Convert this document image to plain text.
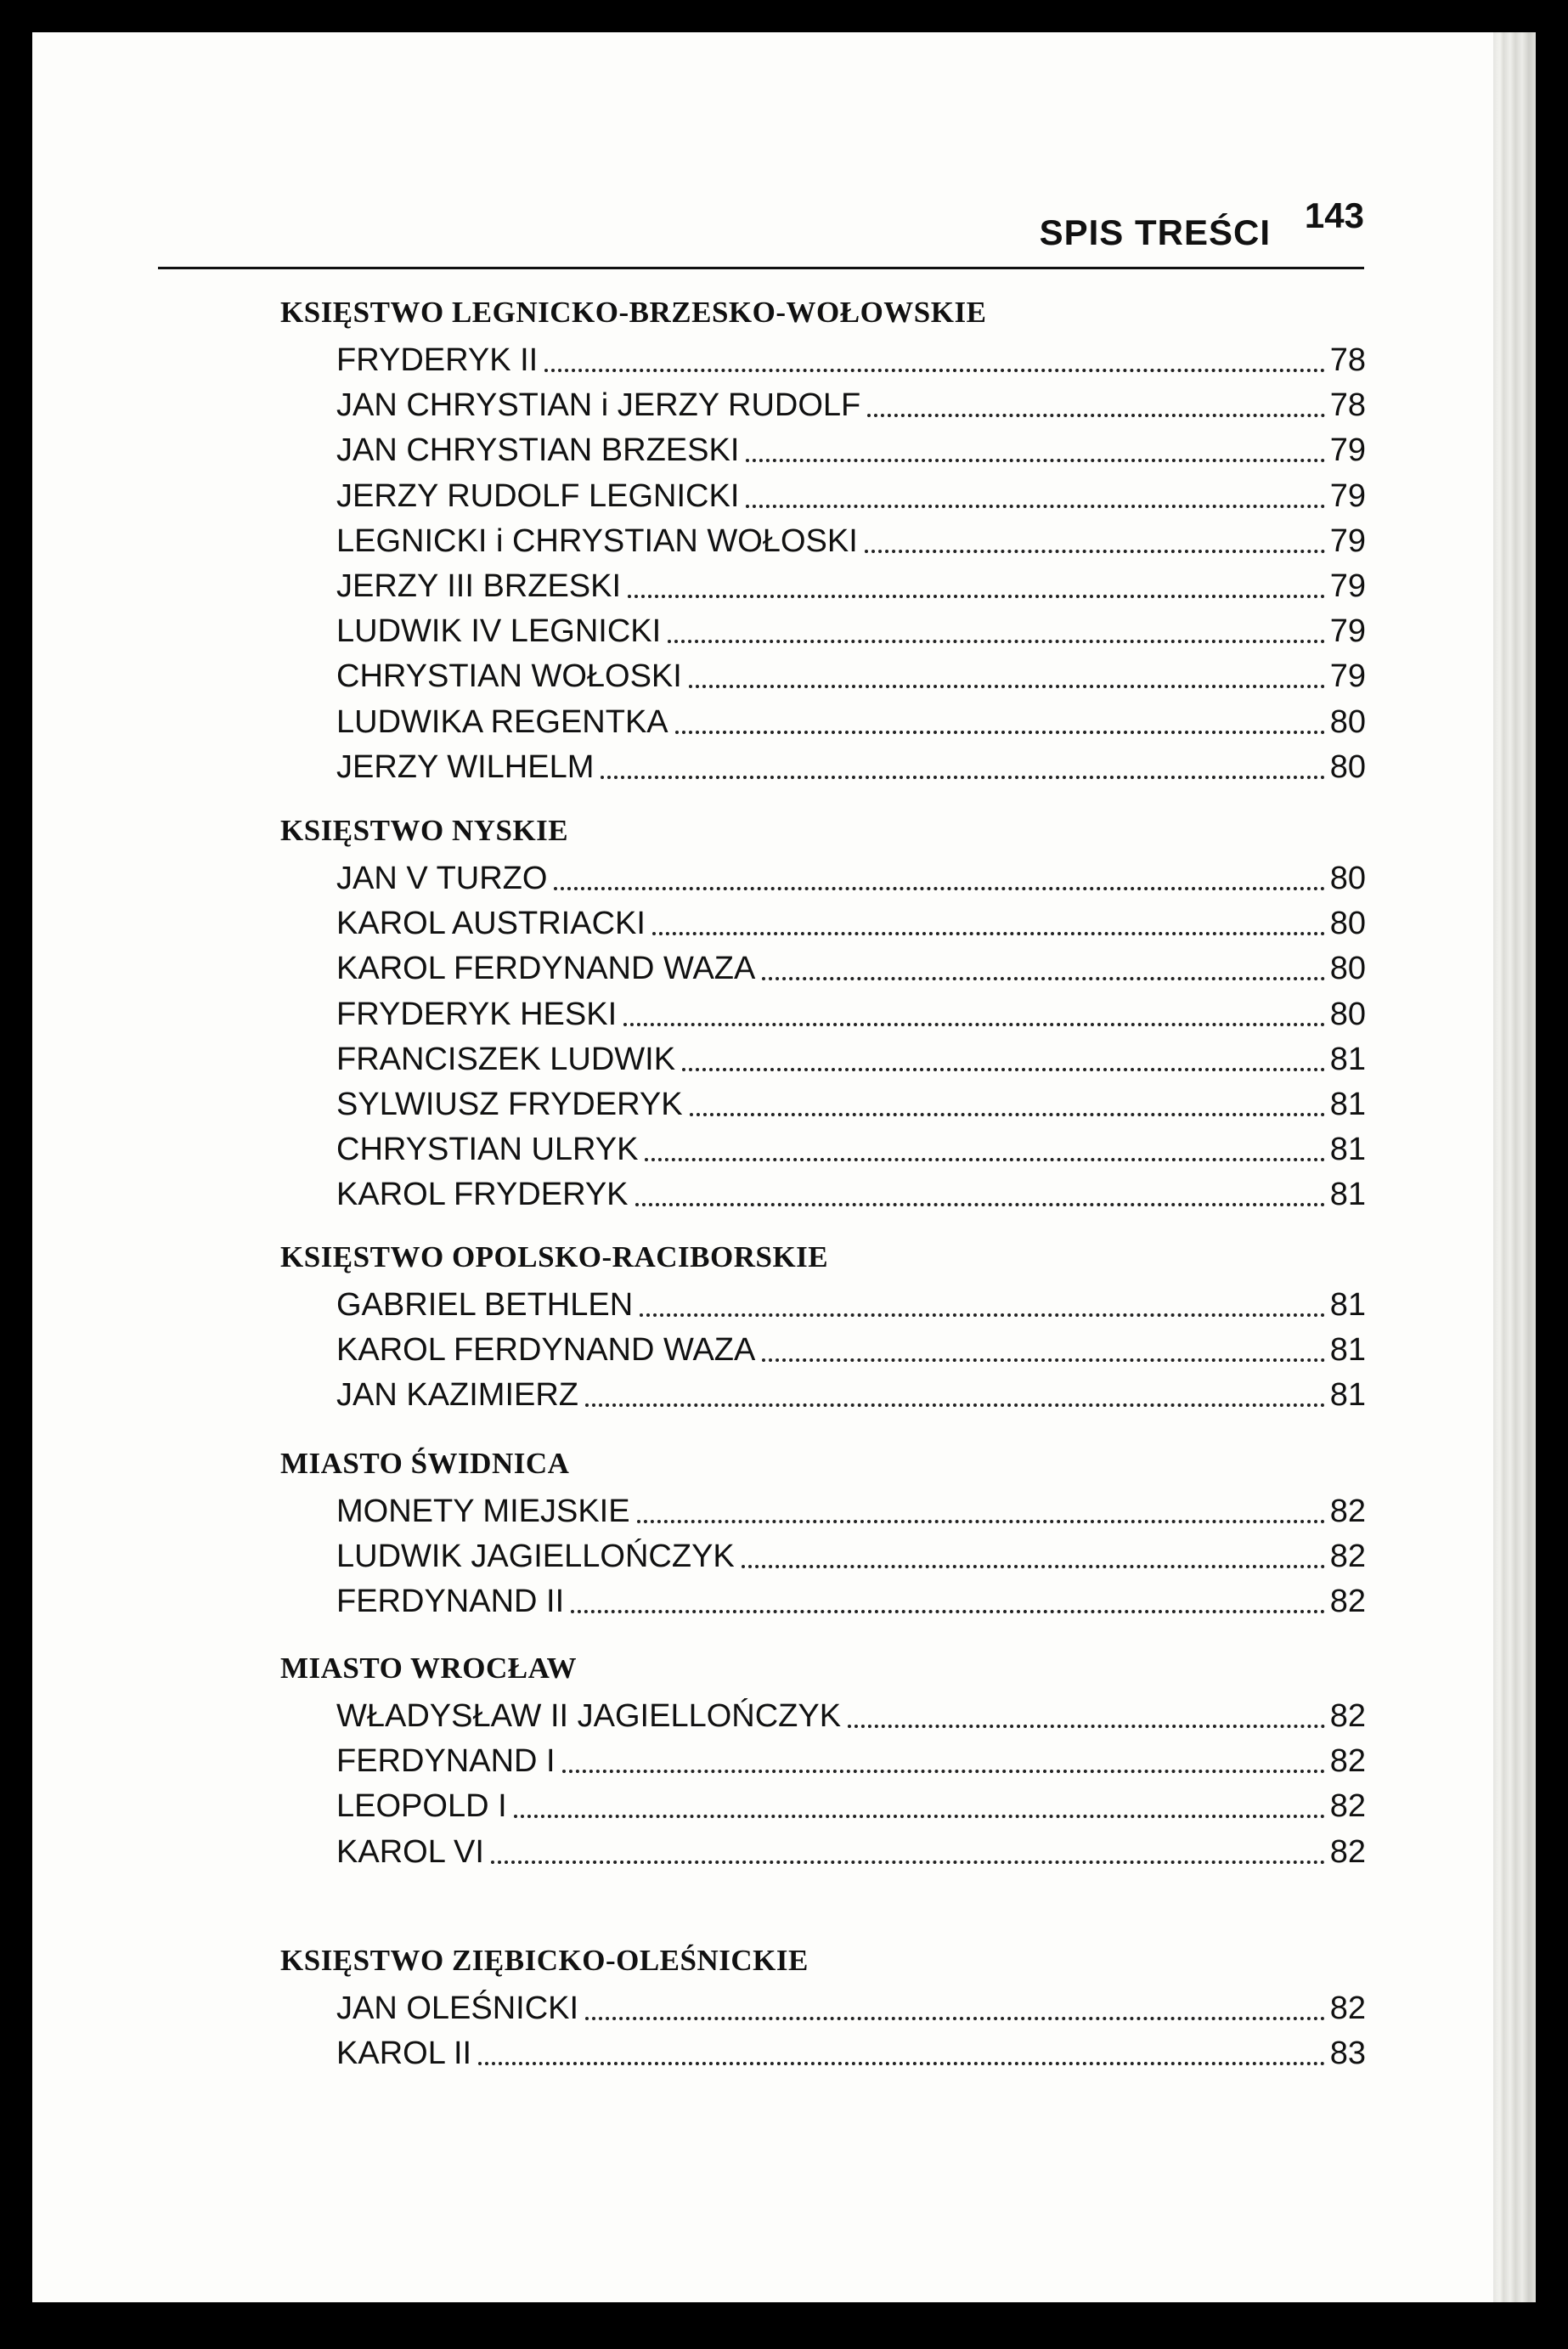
SPIS TREŚCI 143
KSIĘSTWO LEGNICKO-BRZESKO-WOŁOWSKIE
FRYDERYK II	78
JAN CHRYSTIAN i JERZY RUDOLF	78
JAN CHRYSTIAN BRZESKI	79
JERZY RUDOLF LEGNICKI	79
LEGNICKI i CHRYSTIAN WOŁOSKI	79
JERZY III BRZESKI	79
LUDWIK IV LEGNICKI	79
CHRYSTIAN WOŁOSKI	79
LUDWIKA REGENTKA	80
JERZY WILHELM	80
KSIĘSTWO NYSKIE
JAN V TURZO	80
KAROL AUSTRIACKI	80
KAROL FERDYNAND WAZA	80
FRYDERYK HESKI	80
FRANCISZEK LUDWIK	81
SYLWIUSZ FRYDERYK	81
CHRYSTIAN ULRYK	81
KAROL FRYDERYK	81
KSIĘSTWO OPOLSKO-RACIBORSKIE
GABRIEL BETHLEN	81
KAROL FERDYNAND WAZA	81
JAN KAZIMIERZ	81
MIASTO ŚWIDNICA
MONETY MIEJSKIE	82
LUDWIK JAGIELLOŃCZYK	82
FERDYNAND II	82
MIASTO WROCŁAW
WŁADYSŁAW II JAGIELLOŃCZYK	82
FERDYNAND I	82
LEOPOLD I	82
KAROL VI	82
KSIĘSTWO ZIĘBICKO-OLEŚNICKIE
JAN OLEŚNICKI	82
KAROL II	83
